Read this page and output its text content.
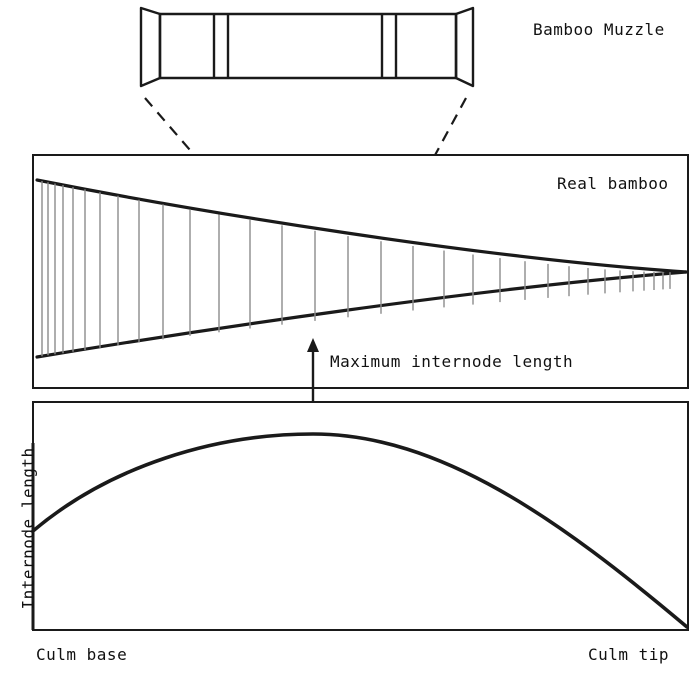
Bamboo Muzzle
Real bamboo
Maximum internode length
Culm base	Culm tip
Internode length
